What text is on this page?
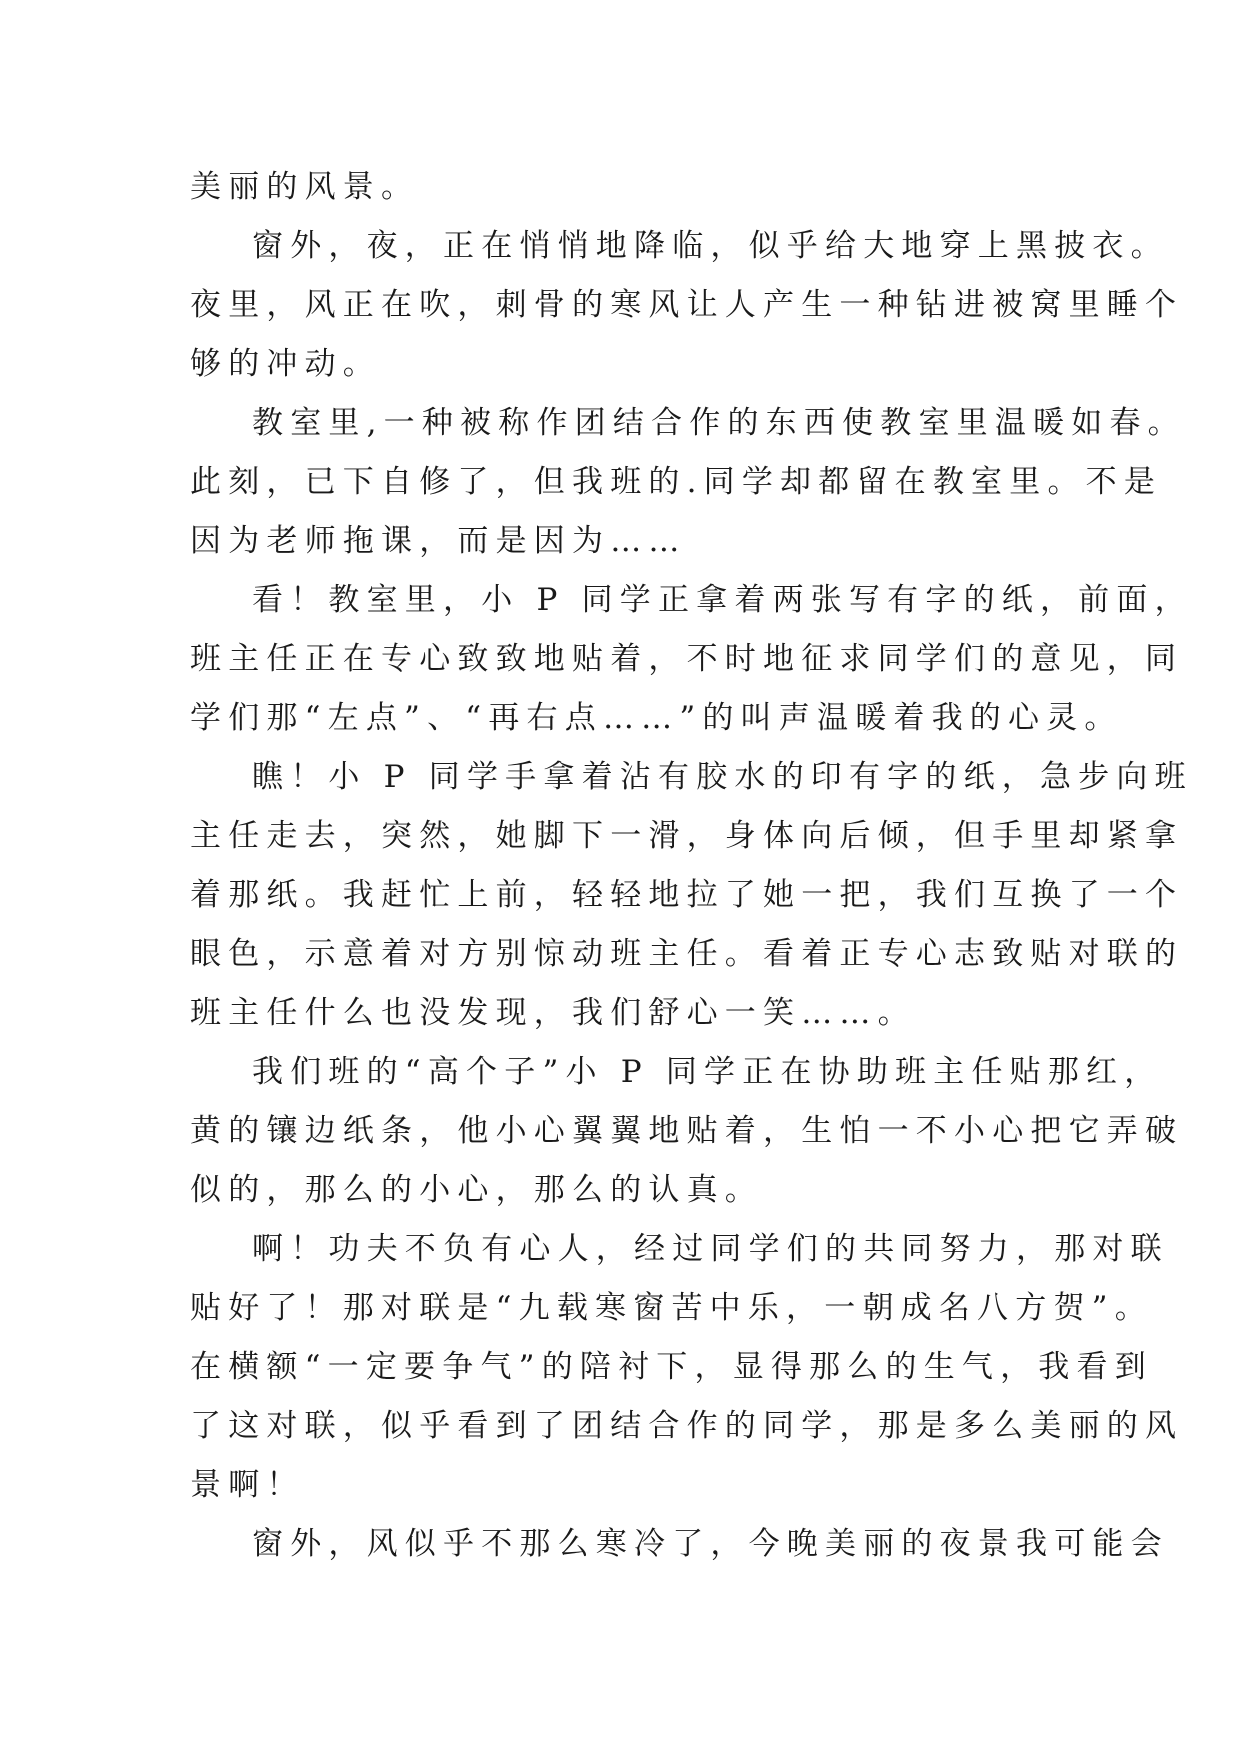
美丽的风景。

窗外，夜，正在悄悄地降临，似乎给大地穿上黑披衣。
夜里，风正在吹，刺骨的寒风让人产生一种钻进被窝里睡个
够的冲动。

教室里,一种被称作团结合作的东西使教室里温暖如春。
此刻，已下自修了，但我班的.同学却都留在教室里。不是
因为老师拖课，而是因为……

看！教室里，小 P 同学正拿着两张写有字的纸，前面，
班主任正在专心致致地贴着，不时地征求同学们的意见，同
学们那“左点”、“再右点……”的叫声温暖着我的心灵。

瞧！小 P 同学手拿着沾有胶水的印有字的纸，急步向班
主任走去，突然，她脚下一滑，身体向后倾，但手里却紧拿
着那纸。我赶忙上前，轻轻地拉了她一把，我们互换了一个
眼色，示意着对方别惊动班主任。看着正专心志致贴对联的
班主任什么也没发现，我们舒心一笑……。

我们班的“高个子”小 P 同学正在协助班主任贴那红，
黄的镶边纸条，他小心翼翼地贴着，生怕一不小心把它弄破
似的，那么的小心，那么的认真。

啊！功夫不负有心人，经过同学们的共同努力，那对联
贴好了！那对联是“九载寒窗苦中乐，一朝成名八方贺”。
在横额“一定要争气”的陪衬下，显得那么的生气，我看到
了这对联，似乎看到了团结合作的同学，那是多么美丽的风
景啊！

窗外，风似乎不那么寒冷了，今晚美丽的夜景我可能会
